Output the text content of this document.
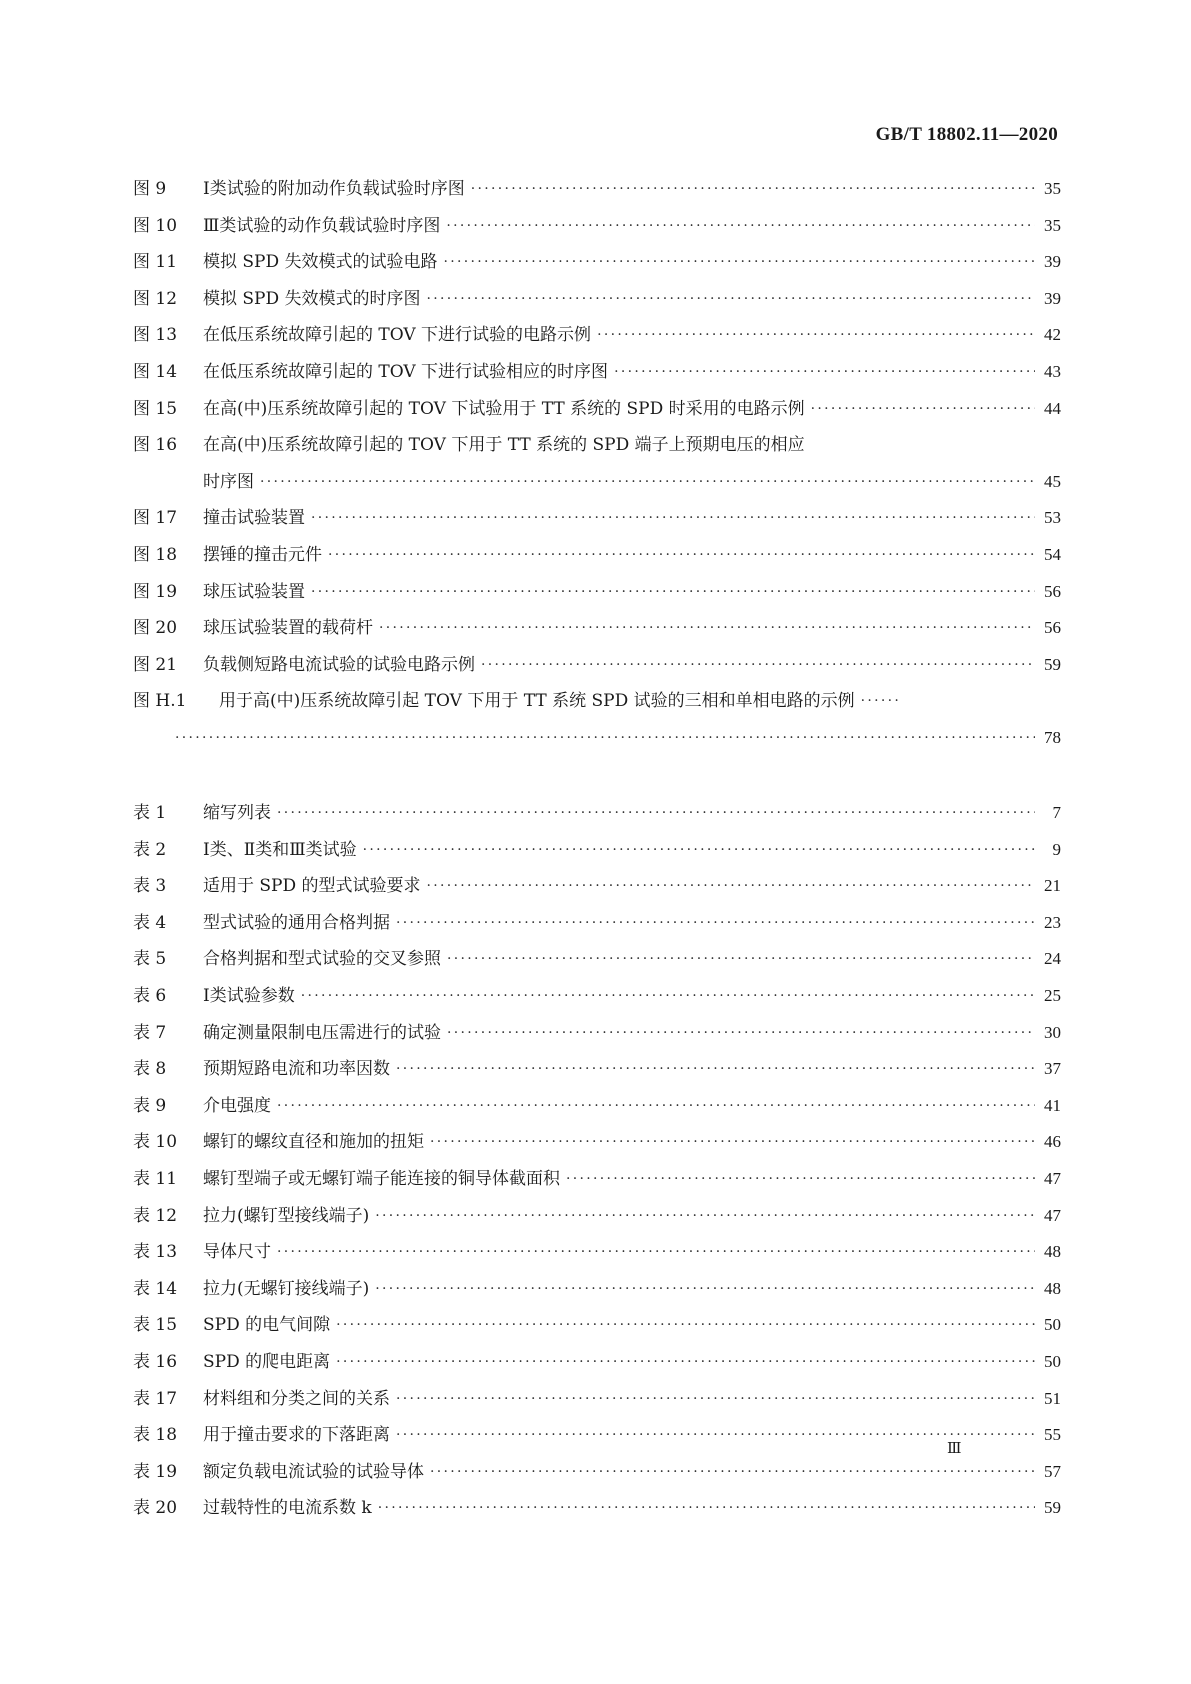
GB/T 18802.11—2020
图 9	Ⅰ类试验的附加动作负载试验时序图 ·····	35
图 10	Ⅲ类试验的动作负载试验时序图 ·····	35
图 11	模拟 SPD 失效模式的试验电路 ·····	39
图 12	模拟 SPD 失效模式的时序图 ·····	39
图 13	在低压系统故障引起的 TOV 下进行试验的电路示例 ·····	42
图 14	在低压系统故障引起的 TOV 下进行试验相应的时序图 ·····	43
图 15	在高(中)压系统故障引起的 TOV 下试验用于 TT 系统的 SPD 时采用的电路示例 ·····	44
图 16	在高(中)压系统故障引起的 TOV 下用于 TT 系统的 SPD 端子上预期电压的相应
时序图 ·····	45
图 17	撞击试验装置 ·····	53
图 18	摆锤的撞击元件 ·····	54
图 19	球压试验装置 ·····	56
图 20	球压试验装置的载荷杆 ·····	56
图 21	负载侧短路电流试验的试验电路示例 ·····	59
图 H.1	用于高(中)压系统故障引起 TOV 下用于 TT 系统 SPD 试验的三相和单相电路的示例
·····
·····
78
表 1	缩写列表 ·····	7
表 2	Ⅰ类、Ⅱ类和Ⅲ类试验 ·····	9
表 3	适用于 SPD 的型式试验要求 ·····	21
表 4	型式试验的通用合格判据 ·····	23
表 5	合格判据和型式试验的交叉参照 ·····	24
表 6	Ⅰ类试验参数 ·····	25
表 7	确定测量限制电压需进行的试验 ·····	30
表 8	预期短路电流和功率因数 ·····	37
表 9	介电强度 ·····	41
表 10	螺钉的螺纹直径和施加的扭矩 ·····	46
表 11	螺钉型端子或无螺钉端子能连接的铜导体截面积 ·····	47
表 12	拉力(螺钉型接线端子) ·····	47
表 13	导体尺寸 ·····	48
表 14	拉力(无螺钉接线端子) ·····	48
表 15	SPD 的电气间隙 ·····	50
表 16	SPD 的爬电距离 ·····	50
表 17	材料组和分类之间的关系 ·····	51
表 18	用于撞击要求的下落距离 ·····	55
表 19	额定负载电流试验的试验导体 ·····	57
表 20	过载特性的电流系数 k ·····	59
Ⅲ
